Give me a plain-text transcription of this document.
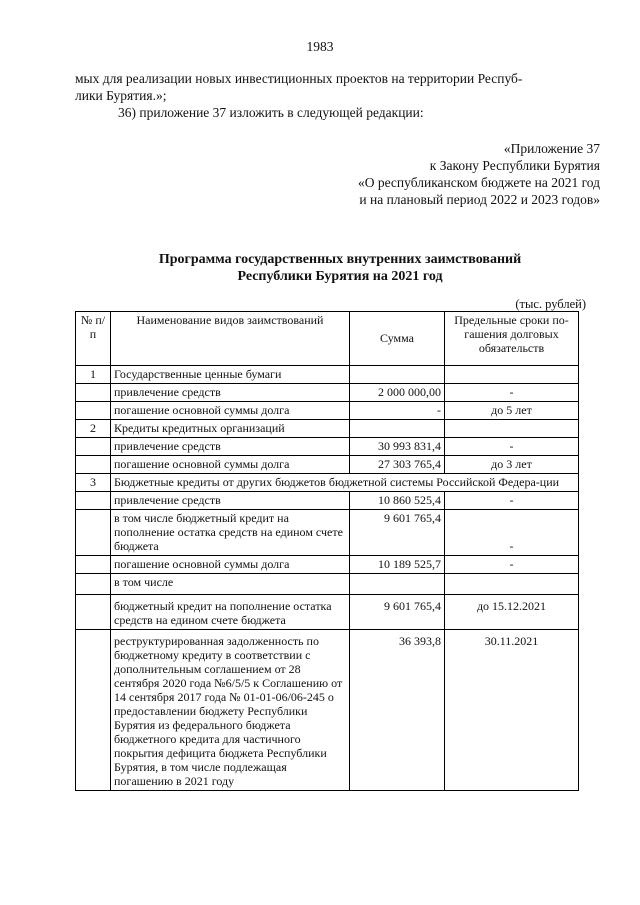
1983
мых для реализации новых инвестиционных проектов на территории Респуб-
лики Бурятия.»;
36) приложение 37 изложить в следующей редакции:
«Приложение 37
к Закону Республики Бурятия
«О республиканском бюджете на 2021 год
и на плановый период 2022 и 2023 годов»
Программа государственных внутренних заимствований
Республики Бурятия на 2021 год
(тыс. рублей)
№ п/п	Наименование видов заимствований	Сумма	Предельные сроки по-гашения долговых обязательств
1	Государственные ценные бумаги		
	привлечение средств	2 000 000,00	-
	погашение основной суммы долга	-	до 5 лет
2	Кредиты кредитных организаций		
	привлечение средств	30 993 831,4	-
	погашение основной суммы долга	27 303 765,4	до 3 лет
3	Бюджетные кредиты от других бюджетов бюджетной системы Российской Федера-ции		
	привлечение средств	10 860 525,4	-
	в том числе бюджетный кредит на пополнение остатка средств на едином счете бюджета	9 601 765,4	-
	погашение основной суммы долга	10 189 525,7	-
	в том числе		
	бюджетный кредит на пополнение остатка средств на едином счете бюджета	9 601 765,4	до 15.12.2021
	реструктурированная задолженность по бюджетному кредиту в соответствии с дополнительным соглашением от 28 сентября 2020 года №6/5/5 к Соглашению от 14 сентября 2017 года № 01-01-06/06-245 о предоставлении бюджету Республики Бурятия из федерального бюджета бюджетного кредита для частичного покрытия дефицита бюджета Республики Бурятия, в том числе подлежащая погашению в 2021 году	36 393,8	30.11.2021
